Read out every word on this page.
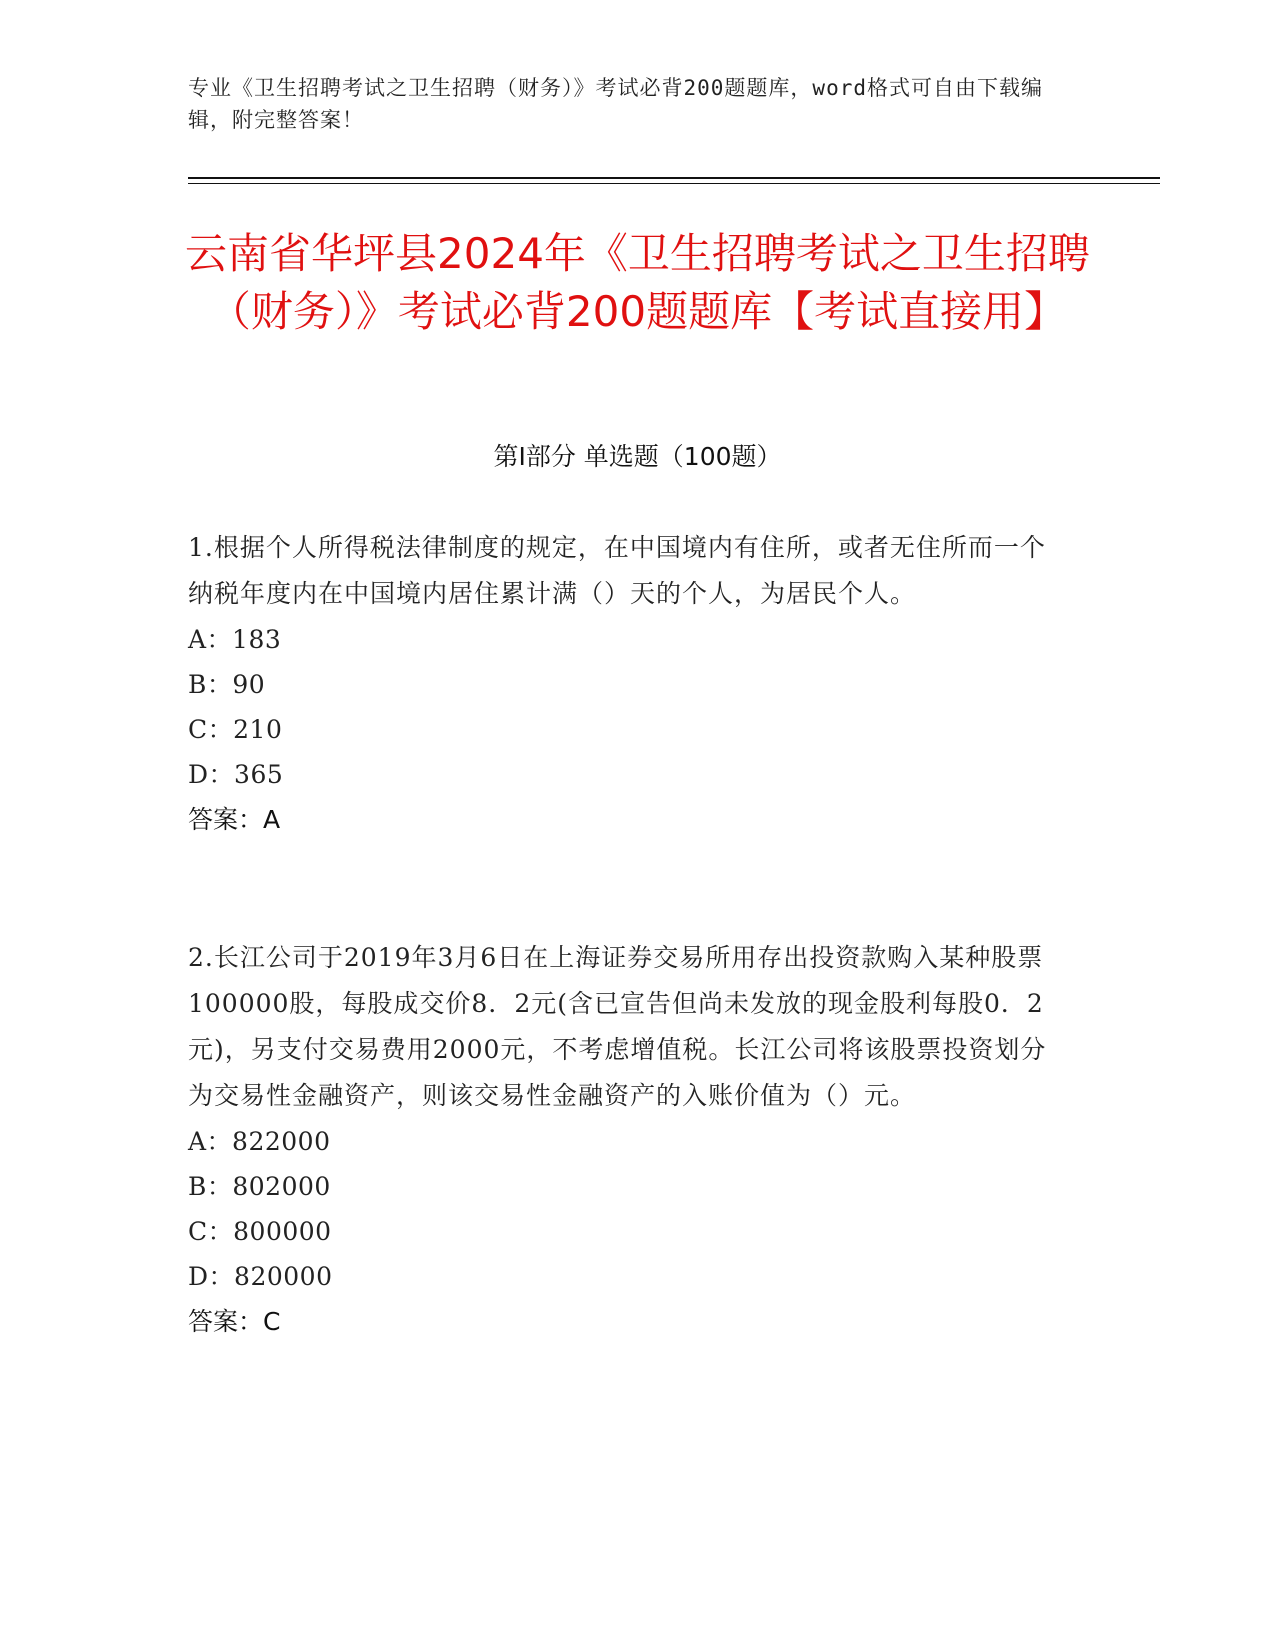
专业《卫生招聘考试之卫生招聘（财务）》考试必背200题题库，word格式可自由下载编辑，附完整答案！
云南省华坪县2024年《卫生招聘考试之卫生招聘（财务）》考试必背200题题库【考试直接用】
第I部分 单选题（100题）
1.根据个人所得税法律制度的规定，在中国境内有住所，或者无住所而一个纳税年度内在中国境内居住累计满（）天的个人，为居民个人。
A：183
B：90
C：210
D：365
答案：A
2.长江公司于2019年3月6日在上海证券交易所用存出投资款购入某种股票100000股，每股成交价8．2元(含已宣告但尚未发放的现金股利每股0．2元)，另支付交易费用2000元，不考虑增值税。长江公司将该股票投资划分为交易性金融资产，则该交易性金融资产的入账价值为（）元。
A：822000
B：802000
C：800000
D：820000
答案：C
